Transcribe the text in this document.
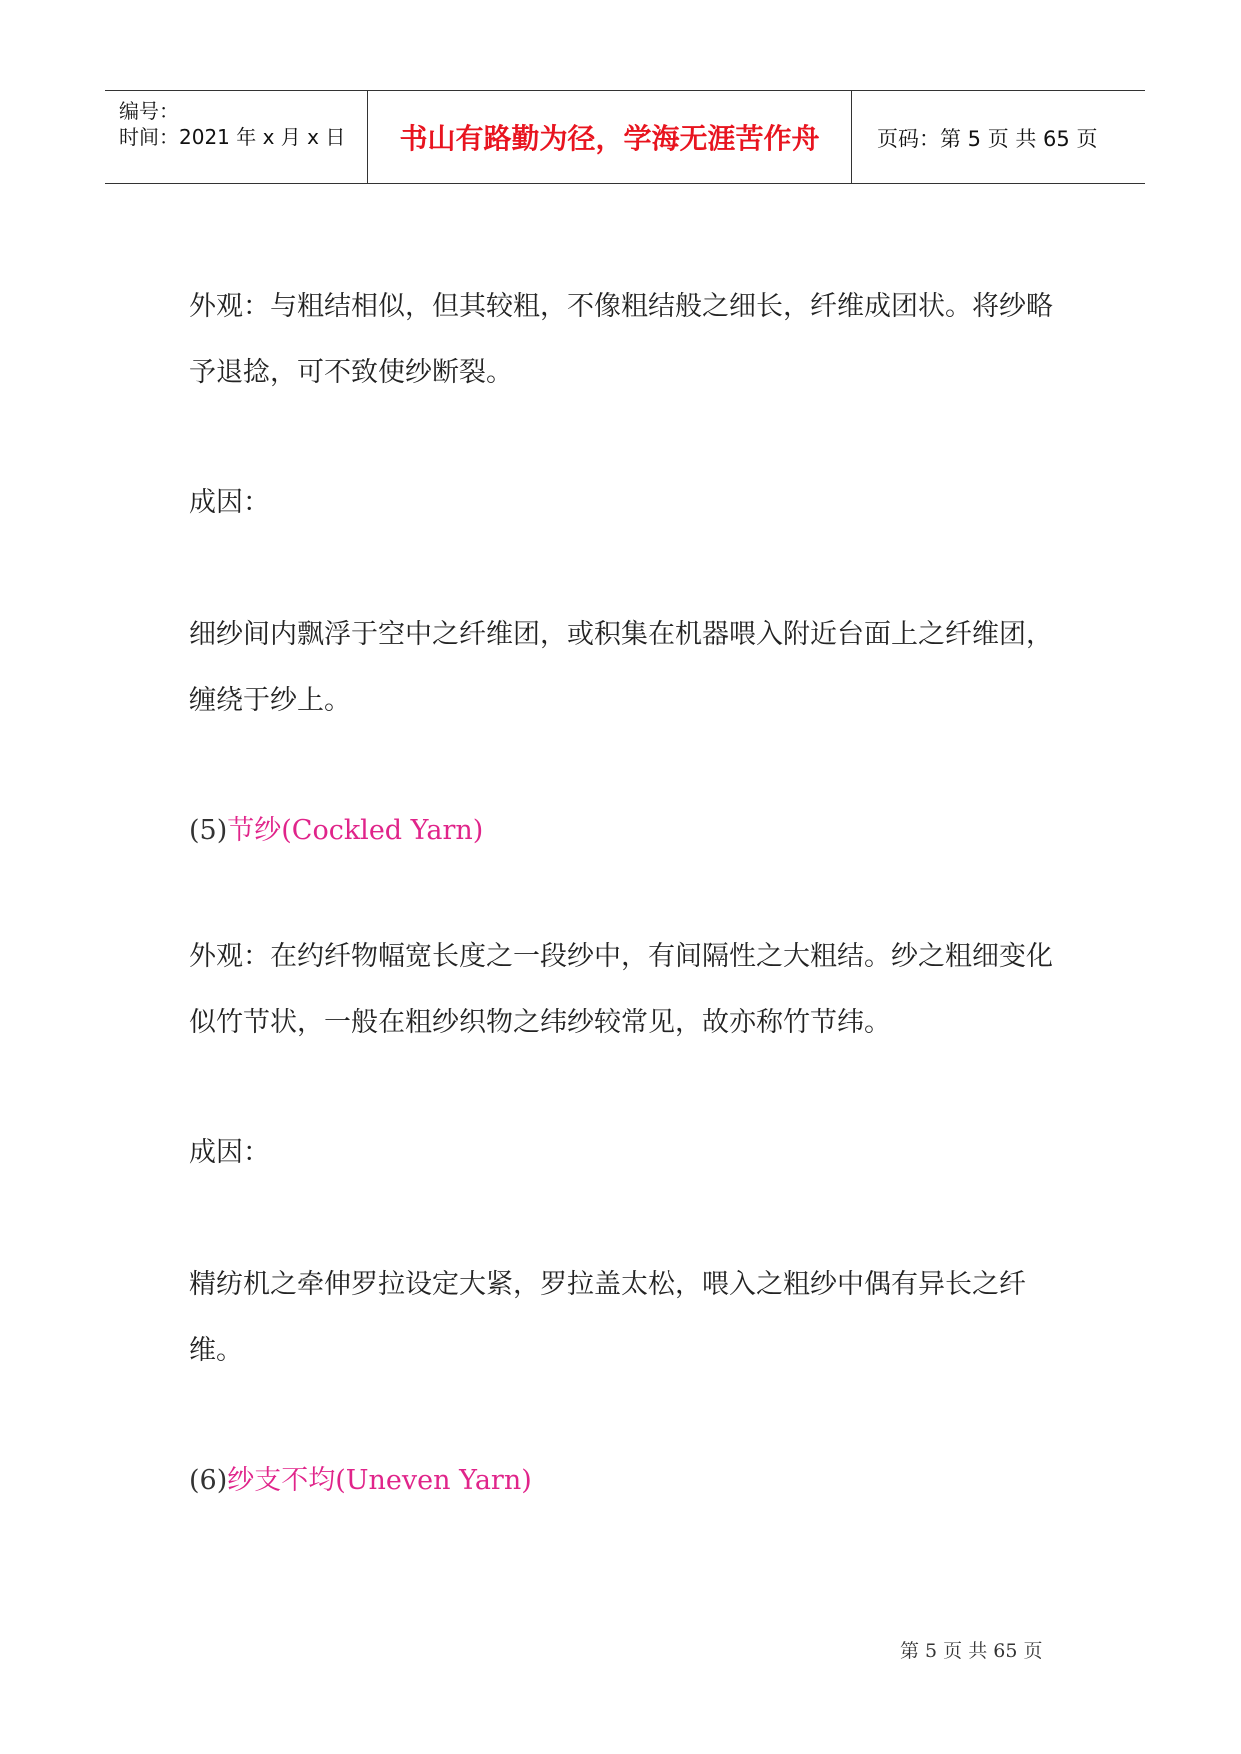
编号：
时间：2021 年 x 月 x 日	书山有路勤为径，学海无涯苦作舟	页码：第 5 页 共 65 页
外观：与粗结相似，但其较粗，不像粗结般之细长，纤维成团状。将纱略予退捻，可不致使纱断裂。
成因：
细纱间内飘浮于空中之纤维团，或积集在机器喂入附近台面上之纤维团，缠绕于纱上。
(5)节纱(Cockled Yarn)
外观：在约纤物幅宽长度之一段纱中，有间隔性之大粗结。纱之粗细变化似竹节状，一般在粗纱织物之纬纱较常见，故亦称竹节纬。
成因：
精纺机之牵伸罗拉设定大紧，罗拉盖太松，喂入之粗纱中偶有异长之纤维。
(6)纱支不均(Uneven Yarn)
第 5 页 共 65 页
